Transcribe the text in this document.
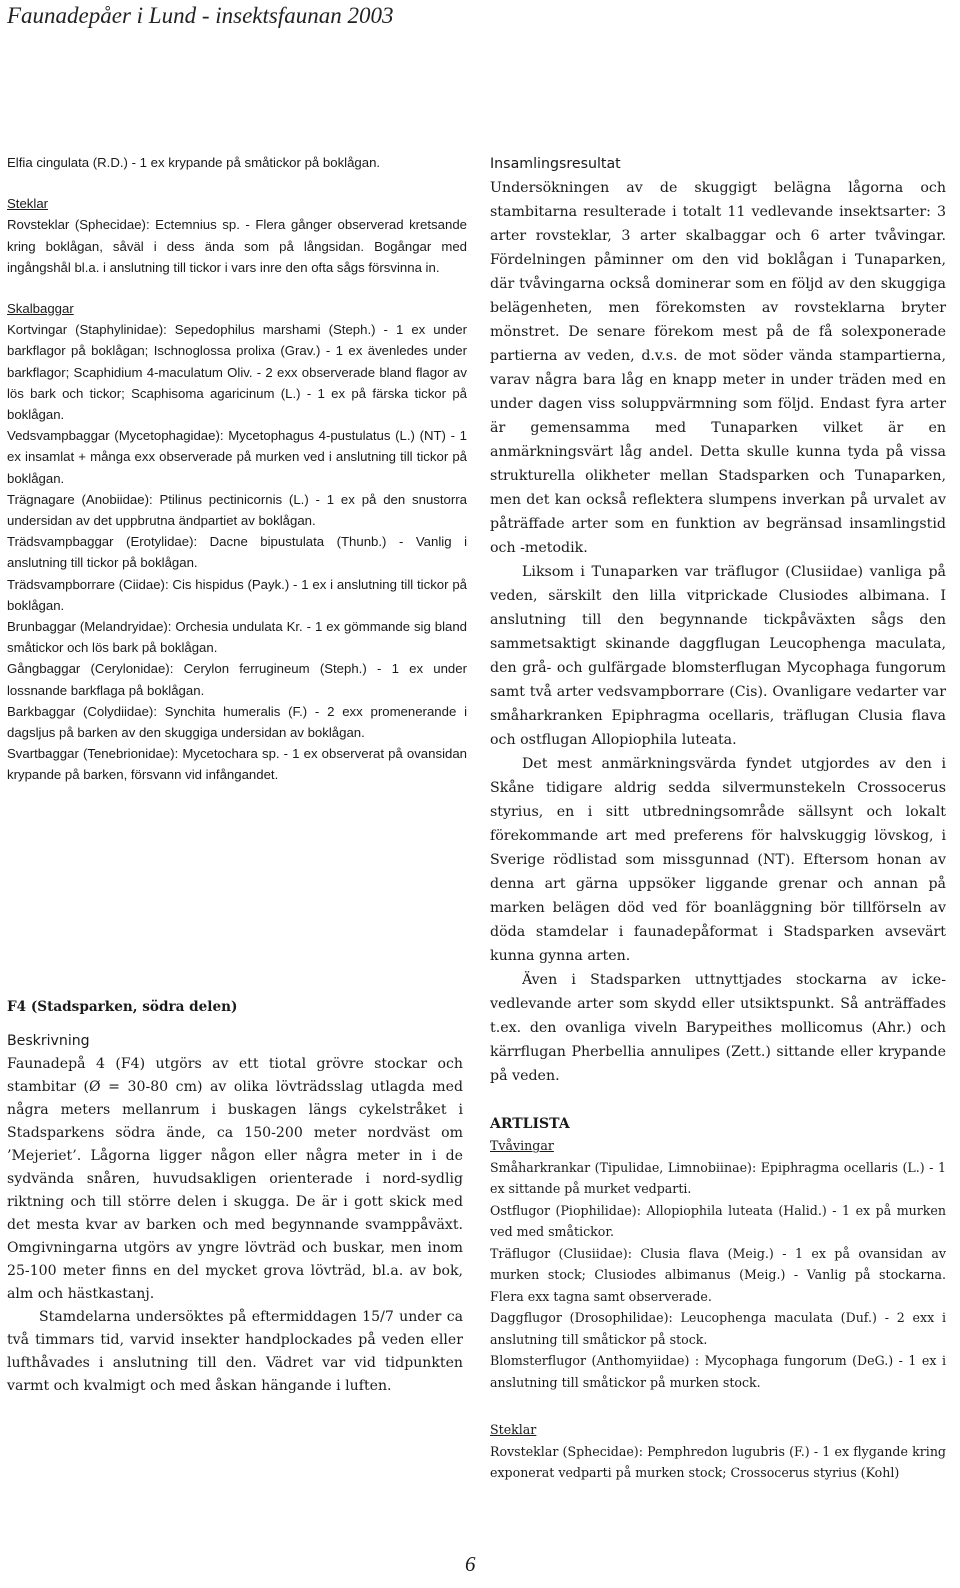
Faunadepåer i Lund - insektsfaunan 2003

Elfia cingulata (R.D.) - 1 ex krypande på småtickor på boklågan.

Steklar

Rovsteklar (Sphecidae): Ectemnius sp. - Flera gånger observerad kretsande kring boklågan, såväl i dess ända som på långsidan. Bogångar med ingångshål bl.a. i anslutning till tickor i vars inre den ofta sågs försvinna in.

Skalbaggar

Kortvingar (Staphylinidae): Sepedophilus marshami (Steph.) - 1 ex under barkflagor på boklågan; Ischnoglossa prolixa (Grav.) - 1 ex ävenledes under barkflagor; Scaphidium 4-maculatum Oliv. - 2 exx observerade bland flagor av lös bark och tickor; Scaphisoma agaricinum (L.) - 1 ex på färska tickor på boklågan.

Vedsvampbaggar (Mycetophagidae): Mycetophagus 4-pustulatus (L.) (NT) - 1 ex insamlat + många exx observerade på murken ved i anslutning till tickor på boklågan.

Trägnagare (Anobiidae): Ptilinus pectinicornis (L.) - 1 ex på den snustorra undersidan av det uppbrutna ändpartiet av boklågan.

Trädsvampbaggar (Erotylidae): Dacne bipustulata (Thunb.) - Vanlig i anslutning till tickor på boklågan.

Trädsvampborrare (Ciidae): Cis hispidus (Payk.) - 1 ex i anslutning till tickor på boklågan.

Brunbaggar (Melandryidae): Orchesia undulata Kr. - 1 ex gömmande sig bland småtickor och lös bark på boklågan.

Gångbaggar (Cerylonidae): Cerylon ferrugineum (Steph.) - 1 ex under lossnande barkflaga på boklågan.

Barkbaggar (Colydiidae): Synchita humeralis (F.) - 2 exx promenerande i dagsljus på barken av den skuggiga undersidan av boklågan.

Svartbaggar (Tenebrionidae): Mycetochara sp. - 1 ex observerat på ovansidan krypande på barken, försvann vid infångandet.

F4 (Stadsparken, södra delen)

Beskrivning

Faunadepå 4 (F4) utgörs av ett tiotal grövre stockar och stambitar (Ø = 30-80 cm) av olika lövträdsslag utlagda med några meters mellanrum i buskagen längs cykelstråket i Stadsparkens södra ände, ca 150-200 meter nordväst om ’Mejeriet’. Lågorna ligger någon eller några meter in i de sydvända snåren, huvudsakligen orienterade i nord-sydlig riktning och till större delen i skugga. De är i gott skick med det mesta kvar av barken och med begynnande svamppåväxt. Omgivningarna utgörs av yngre lövträd och buskar, men inom 25-100 meter finns en del mycket grova lövträd, bl.a. av bok, alm och hästkastanj.

Stamdelarna undersöktes på eftermiddagen 15/7 under ca två timmars tid, varvid insekter handplockades på veden eller lufthåvades i anslutning till den. Vädret var vid tidpunkten varmt och kvalmigt och med åskan hängande i luften.

Insamlingsresultat

Undersökningen av de skuggigt belägna lågorna och stambitarna resulterade i totalt 11 vedlevande insektsarter: 3 arter rovsteklar, 3 arter skalbaggar och 6 arter tvåvingar. Fördelningen påminner om den vid boklågan i Tunaparken, där tvåvingarna också dominerar som en följd av den skuggiga belägenheten, men förekomsten av rovsteklarna bryter mönstret. De senare förekom mest på de få solexponerade partierna av veden, d.v.s. de mot söder vända stampartierna, varav några bara låg en knapp meter in under träden med en under dagen viss soluppvärmning som följd. Endast fyra arter är gemensamma med Tunaparken vilket är en anmärkningsvärt låg andel. Detta skulle kunna tyda på vissa strukturella olikheter mellan Stadsparken och Tunaparken, men det kan också reflektera slumpens inverkan på urvalet av påträffade arter som en funktion av begränsad insamlingstid och -metodik.

Liksom i Tunaparken var träflugor (Clusiidae) vanliga på veden, särskilt den lilla vitprickade Clusiodes albimana. I anslutning till den begynnande tickpåväxten sågs den sammetsaktigt skinande daggflugan Leucophenga maculata, den grå- och gulfärgade blomsterflugan Mycophaga fungorum samt två arter vedsvampborrare (Cis). Ovanligare vedarter var småharkranken Epiphragma ocellaris, träflugan Clusia flava och ostflugan Allopiophila luteata.

Det mest anmärkningsvärda fyndet utgjordes av den i Skåne tidigare aldrig sedda silvermunstekeln Crossocerus styrius, en i sitt utbredningsområde sällsynt och lokalt förekommande art med preferens för halvskuggig lövskog, i Sverige rödlistad som missgunnad (NT). Eftersom honan av denna art gärna uppsöker liggande grenar och annan på marken belägen död ved för boanläggning bör tillförseln av döda stamdelar i faunadepåformat i Stadsparken avsevärt kunna gynna arten.

Även i Stadsparken uttnyttjades stockarna av icke-vedlevande arter som skydd eller utsiktspunkt. Så anträffades t.ex. den ovanliga viveln Barypeithes mollicomus (Ahr.) och kärrflugan Pherbellia annulipes (Zett.) sittande eller krypande på veden.

ARTLISTA

Tvåvingar

Småharkrankar (Tipulidae, Limnobiinae): Epiphragma ocellaris (L.) - 1 ex sittande på murket vedparti.

Ostflugor (Piophilidae): Allopiophila luteata (Halid.) - 1 ex på murken ved med småtickor.

Träflugor (Clusiidae): Clusia flava (Meig.) - 1 ex på ovansidan av murken stock; Clusiodes albimanus (Meig.) - Vanlig på stockarna. Flera exx tagna samt observerade.

Daggflugor (Drosophilidae): Leucophenga maculata (Duf.) - 2 exx i anslutning till småtickor på stock.

Blomsterflugor (Anthomyiidae) : Mycophaga fungorum (DeG.) - 1 ex i anslutning till småtickor på murken stock.

Steklar

Rovsteklar (Sphecidae): Pemphredon lugubris (F.) - 1 ex flygande kring exponerat vedparti på murken stock; Crossocerus styrius (Kohl)

6
